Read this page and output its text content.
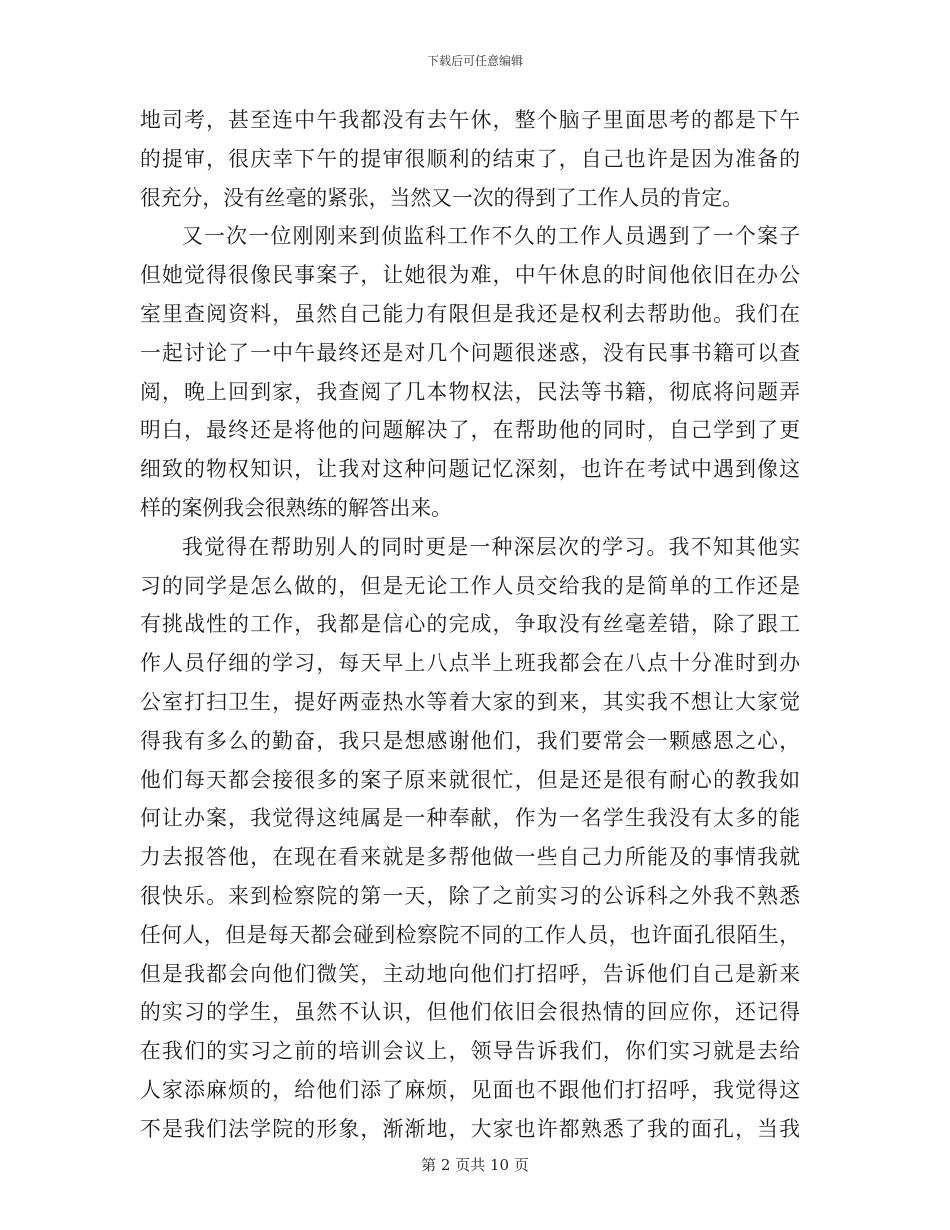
下载后可任意编辑
地司考，甚至连中午我都没有去午休，整个脑子里面思考的都是下午
的提审，很庆幸下午的提审很顺利的结束了，自己也许是因为准备的
很充分，没有丝毫的紧张，当然又一次的得到了工作人员的肯定。
又一次一位刚刚来到侦监科工作不久的工作人员遇到了一个案子
但她觉得很像民事案子，让她很为难，中午休息的时间他依旧在办公
室里查阅资料，虽然自己能力有限但是我还是权利去帮助他。我们在
一起讨论了一中午最终还是对几个问题很迷惑，没有民事书籍可以查
阅，晚上回到家，我查阅了几本物权法，民法等书籍，彻底将问题弄
明白，最终还是将他的问题解决了，在帮助他的同时，自己学到了更
细致的物权知识，让我对这种问题记忆深刻，也许在考试中遇到像这
样的案例我会很熟练的解答出来。
我觉得在帮助别人的同时更是一种深层次的学习。我不知其他实
习的同学是怎么做的，但是无论工作人员交给我的是简单的工作还是
有挑战性的工作，我都是信心的完成，争取没有丝毫差错，除了跟工
作人员仔细的学习，每天早上八点半上班我都会在八点十分准时到办
公室打扫卫生，提好两壶热水等着大家的到来，其实我不想让大家觉
得我有多么的勤奋，我只是想感谢他们，我们要常会一颗感恩之心，
他们每天都会接很多的案子原来就很忙，但是还是很有耐心的教我如
何让办案，我觉得这纯属是一种奉献，作为一名学生我没有太多的能
力去报答他，在现在看来就是多帮他做一些自己力所能及的事情我就
很快乐。来到检察院的第一天，除了之前实习的公诉科之外我不熟悉
任何人，但是每天都会碰到检察院不同的工作人员，也许面孔很陌生，
但是我都会向他们微笑，主动地向他们打招呼，告诉他们自己是新来
的实习的学生，虽然不认识，但他们依旧会很热情的回应你，还记得
在我们的实习之前的培训会议上，领导告诉我们，你们实习就是去给
人家添麻烦的，给他们添了麻烦，见面也不跟他们打招呼，我觉得这
不是我们法学院的形象，渐渐地，大家也许都熟悉了我的面孔，当我
第 2 页共 10 页
